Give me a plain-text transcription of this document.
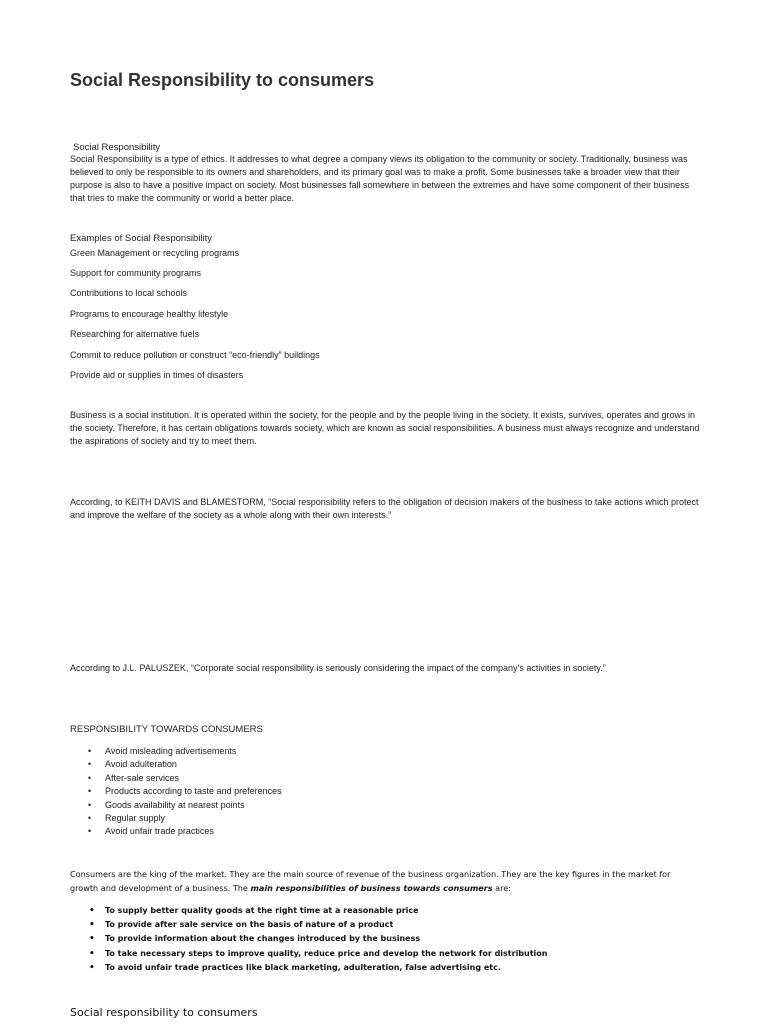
Social Responsibility to consumers

Social Responsibility

Social Responsibility is a type of ethics. It addresses to what degree a company views its obligation to the community or society. Traditionally, business was believed to only be responsible to its owners and shareholders, and its primary goal was to make a profit. Some businesses take a broader view that their purpose is also to have a positive impact on society. Most businesses fall somewhere in between the extremes and have some component of their business that tries to make the community or world a better place.

Examples of Social Responsibility

Green Management or recycling programs

Support for community programs

Contributions to local schools

Programs to encourage healthy lifestyle

Researching for alternative fuels

Commit to reduce pollution or construct “eco-friendly” buildings

Provide aid or supplies in times of disasters

Business is a social institution. It is operated within the society, for the people and by the people living in the society. It exists, survives, operates and grows in the society. Therefore, it has certain obligations towards society, which are known as social responsibilities. A business must always recognize and understand the aspirations of society and try to meet them.

According, to KEITH DAVIS and BLAMESTORM, “Social responsibility refers to the obligation of decision makers of the business to take actions which protect and improve the welfare of the society as a whole along with their own interests.”

According to J.L. PALUSZEK, “Corporate social responsibility is seriously considering the impact of the company’s activities in society.”

RESPONSIBILITY TOWARDS CONSUMERS

• Avoid misleading advertisements
• Avoid adulteration
• After-sale services
• Products according to taste and preferences
• Goods availability at nearest points
• Regular supply
• Avoid unfair trade practices

Consumers are the king of the market. They are the main source of revenue of the business organization. They are the key figures in the market for growth and development of a business. The main responsibilities of business towards consumers are:

• To supply better quality goods at the right time at a reasonable price
• To provide after sale service on the basis of nature of a product
• To provide information about the changes introduced by the business
• To take necessary steps to improve quality, reduce price and develop the network for distribution
• To avoid unfair trade practices like black marketing, adulteration, false advertising etc.

Social responsibility to consumers
